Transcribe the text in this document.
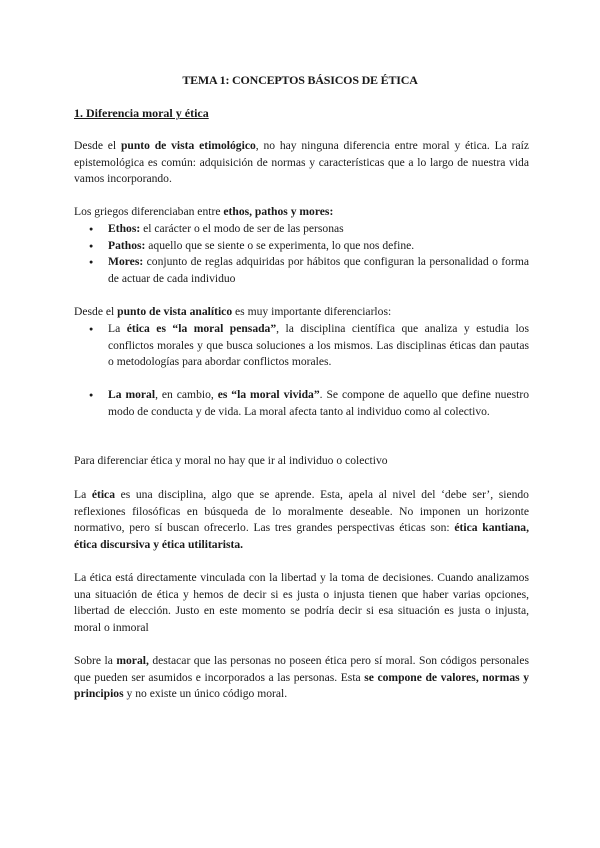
TEMA 1: CONCEPTOS BÁSICOS DE ÉTICA
1. Diferencia moral y ética
Desde el punto de vista etimológico, no hay ninguna diferencia entre moral y ética. La raíz epistemológica es común: adquisición de normas y características que a lo largo de nuestra vida vamos incorporando.
Los griegos diferenciaban entre ethos, pathos y mores:
● Ethos: el carácter o el modo de ser de las personas
● Pathos: aquello que se siente o se experimenta, lo que nos define.
● Mores: conjunto de reglas adquiridas por hábitos que configuran la personalidad o forma de actuar de cada individuo
Desde el punto de vista analítico es muy importante diferenciarlos:
● La ética es “la moral pensada”, la disciplina científica que analiza y estudia los conflictos morales y que busca soluciones a los mismos. Las disciplinas éticas dan pautas o metodologías para abordar conflictos morales.
● La moral, en cambio, es “la moral vivida”. Se compone de aquello que define nuestro modo de conducta y de vida. La moral afecta tanto al individuo como al colectivo.
Para diferenciar ética y moral no hay que ir al individuo o colectivo
La ética es una disciplina, algo que se aprende. Esta, apela al nivel del ‘debe ser’, siendo reflexiones filosóficas en búsqueda de lo moralmente deseable. No imponen un horizonte normativo, pero sí buscan ofrecerlo. Las tres grandes perspectivas éticas son: ética kantiana, ética discursiva y ética utilitarista.
La ética está directamente vinculada con la libertad y la toma de decisiones. Cuando analizamos una situación de ética y hemos de decir si es justa o injusta tienen que haber varias opciones, libertad de elección. Justo en este momento se podría decir si esa situación es justa o injusta, moral o inmoral
Sobre la moral, destacar que las personas no poseen ética pero sí moral. Son códigos personales que pueden ser asumidos e incorporados a las personas. Esta se compone de valores, normas y principios y no existe un único código moral.
